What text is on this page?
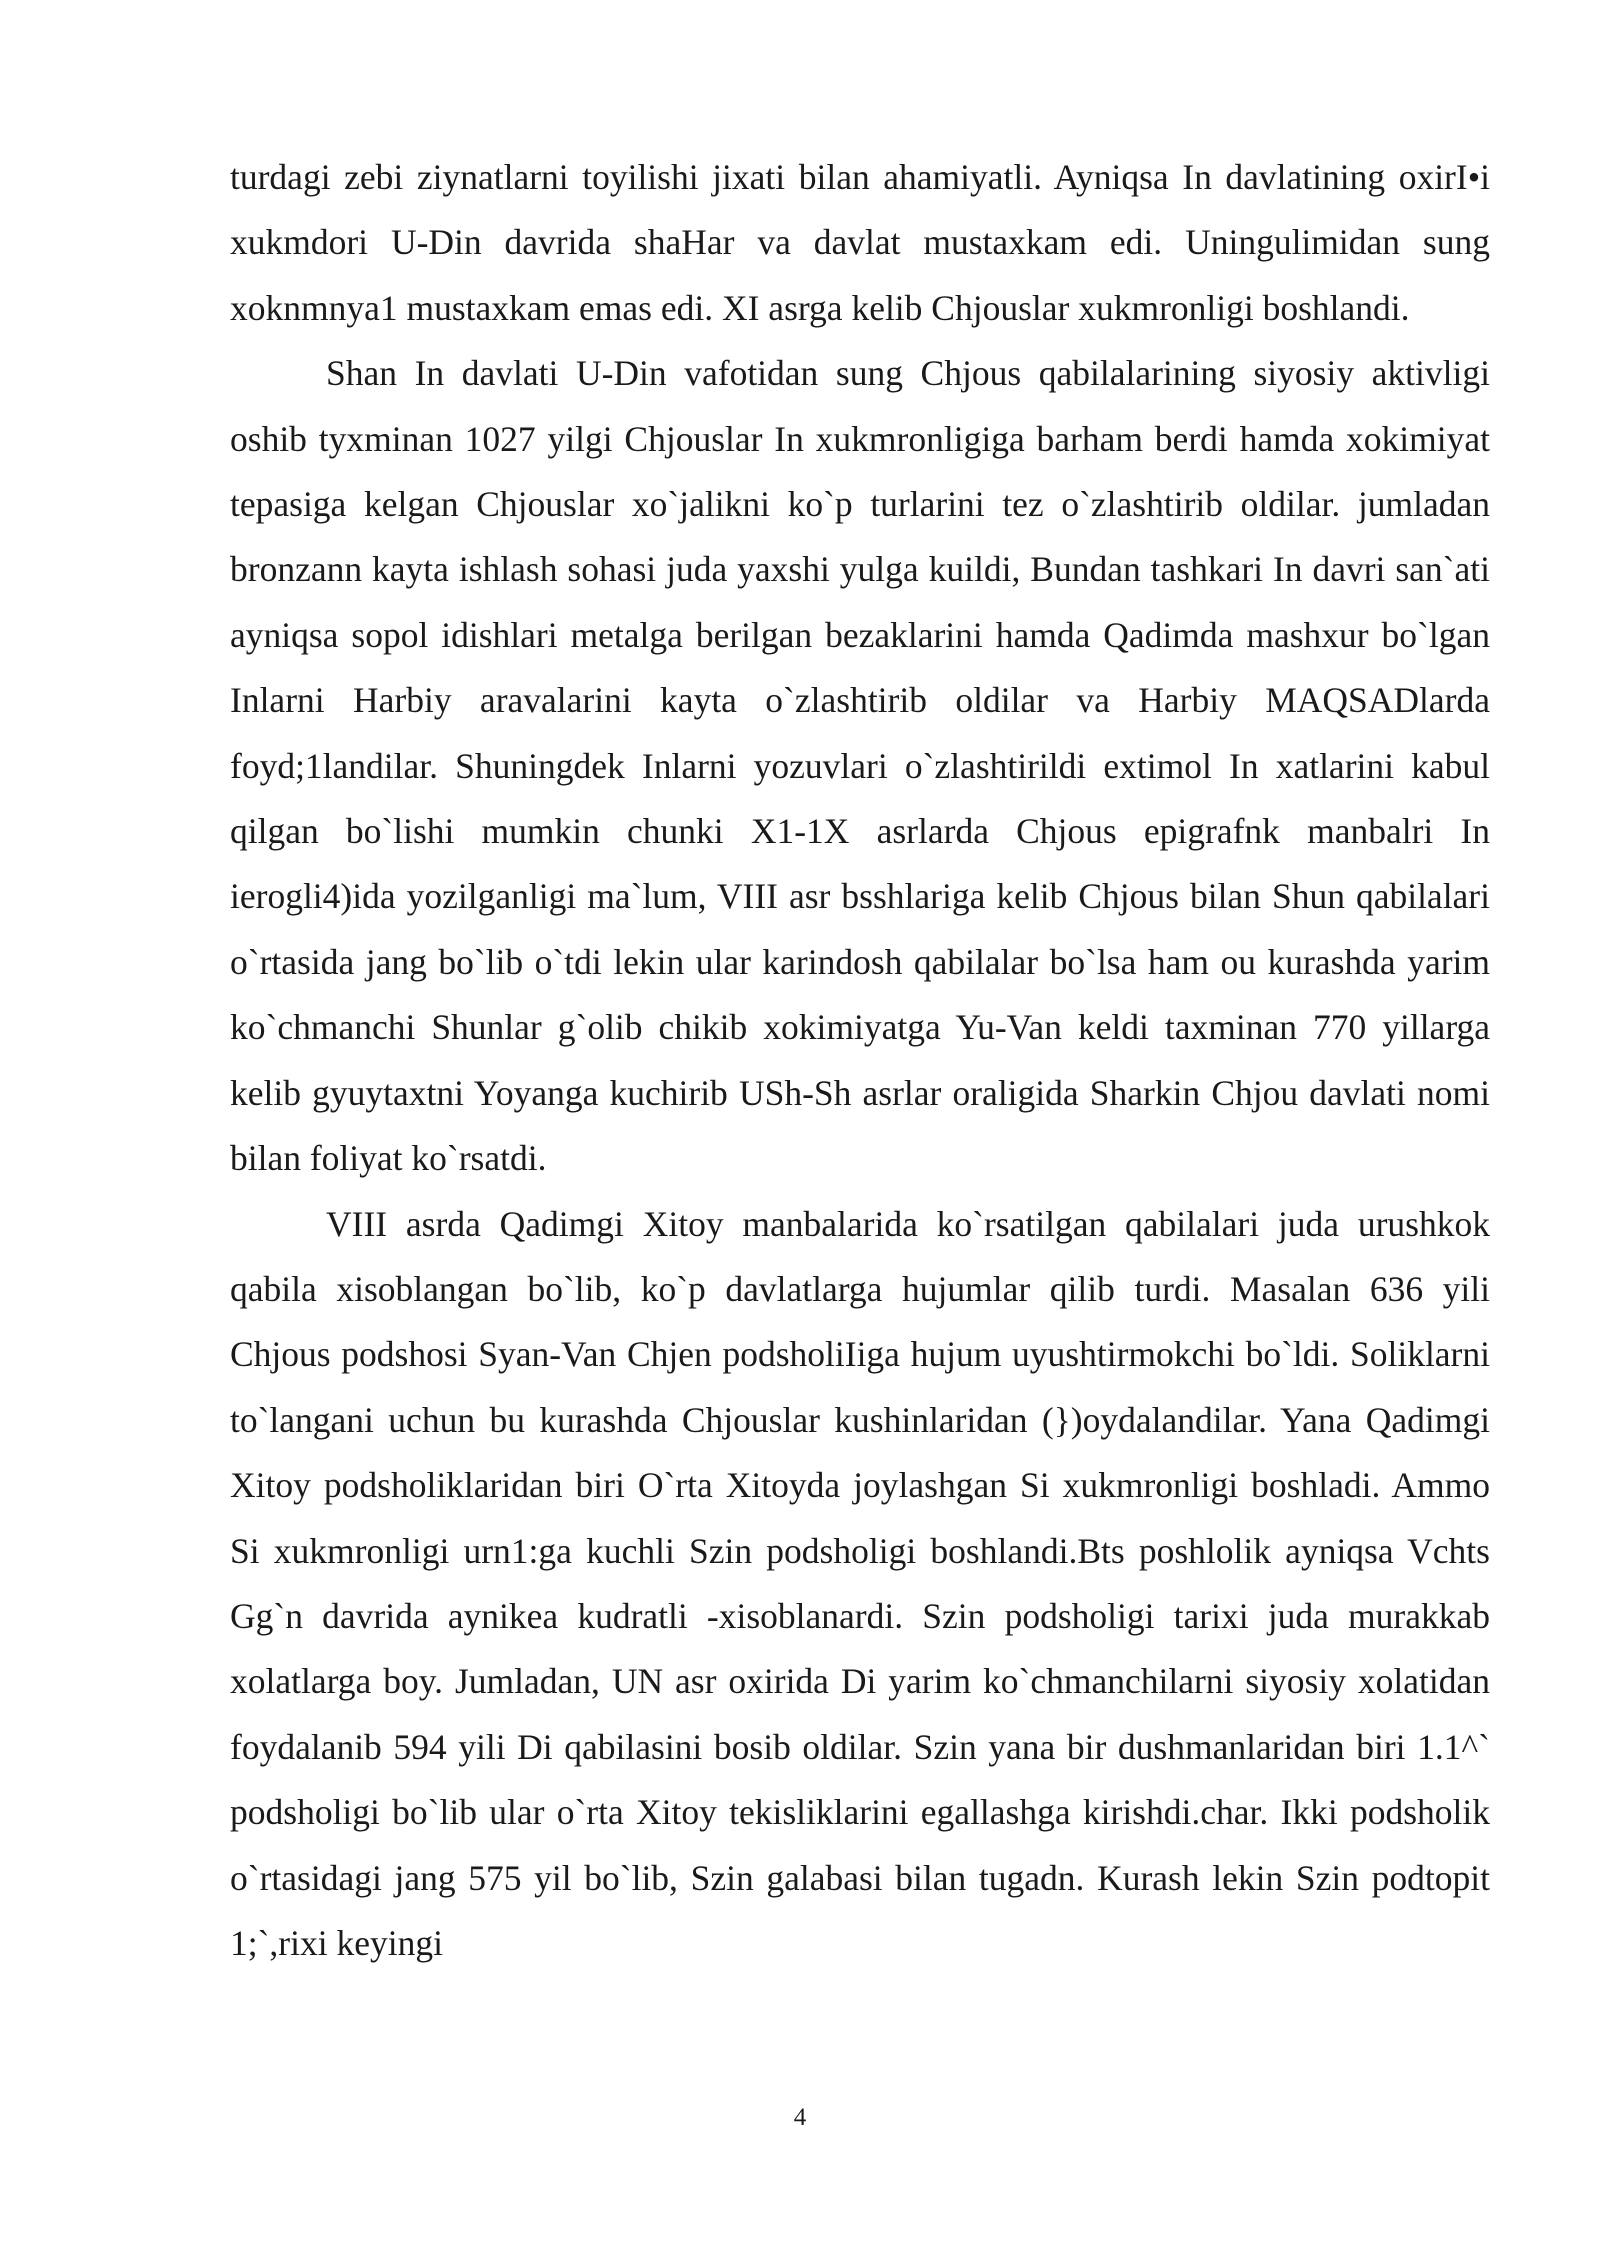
turdagi zebi ziynatlarni toyilishi jixati bilan ahamiyatli. Ayniqsa In davlatining oxirI•i xukmdori U-Din davrida shaHar va davlat mustaxkam edi. Uningulimidan sung xoknmnya1 mustaxkam emas edi. XI asrga kelib Chjouslar xukmronligi boshlandi.

Shan In davlati U-Din vafotidan sung Chjous qabilalarining siyosiy aktivligi oshib tyxminan 1027 yilgi Chjouslar In xukmronligiga barham berdi hamda xokimiyat tepasiga kelgan Chjouslar xo`jalikni ko`p turlarini tez o`zlashtirib oldilar. jumladan bronzann kayta ishlash sohasi juda yaxshi yulga kuildi, Bundan tashkari In davri san`ati ayniqsa sopol idishlari metalga berilgan bezaklarini hamda Qadimda mashxur bo`lgan Inlarni Harbiy aravalarini kayta o`zlashtirib oldilar va Harbiy MAQSADlarda foyd;1landilar. Shuningdek Inlarni yozuvlari o`zlashtirildi extimol In xatlarini kabul qilgan bo`lishi mumkin chunki X1-1X asrlarda Chjous epigrafnk manbalri In ierogli4)ida yozilganligi ma`lum, VIII asr bsshlariga kelib Chjous bilan Shun qabilalari o`rtasida jang bo`lib o`tdi lekin ular karindosh qabilalar bo`lsa ham ou kurashda yarim ko`chmanchi Shunlar g`olib chikib xokimiyatga Yu-Van keldi taxminan 770 yillarga kelib gyuytaxtni Yoyanga kuchirib USh-Sh asrlar oraligida Sharkin Chjou davlati nomi bilan foliyat ko`rsatdi.

VIII asrda Qadimgi Xitoy manbalarida ko`rsatilgan qabilalari juda urushkok qabila xisoblangan bo`lib, ko`p davlatlarga hujumlar qilib turdi. Masalan 636 yili Chjous podshosi Syan-Van Chjen podsholiIiga hujum uyushtirmokchi bo`ldi. Soliklarni to`langani uchun bu kurashda Chjouslar kushinlaridan (})oydalandilar. Yana Qadimgi Xitoy podsholiklaridan biri O`rta Xitoyda joylashgan Si xukmronligi boshladi. Ammo Si xukmronligi urn1:ga kuchli Szin podsholigi boshlandi.Bts poshlolik ayniqsa Vchts Gg`n davrida aynikea kudratli -xisoblanardi. Szin podsholigi tarixi juda murakkab xolatlarga boy. Jumladan, UN asr oxirida Di yarim ko`chmanchilarni siyosiy xolatidan foydalanib 594 yili Di qabilasini bosib oldilar. Szin yana bir dushmanlaridan biri 1.1^` podsholigi bo`lib ular o`rta Xitoy tekisliklarini egallashga kirishdi.char. Ikki podsholik o`rtasidagi jang 575 yil bo`lib, Szin galabasi bilan tugadn. Kurash lekin Szin podtopit 1;`,rixi keyingi

4
